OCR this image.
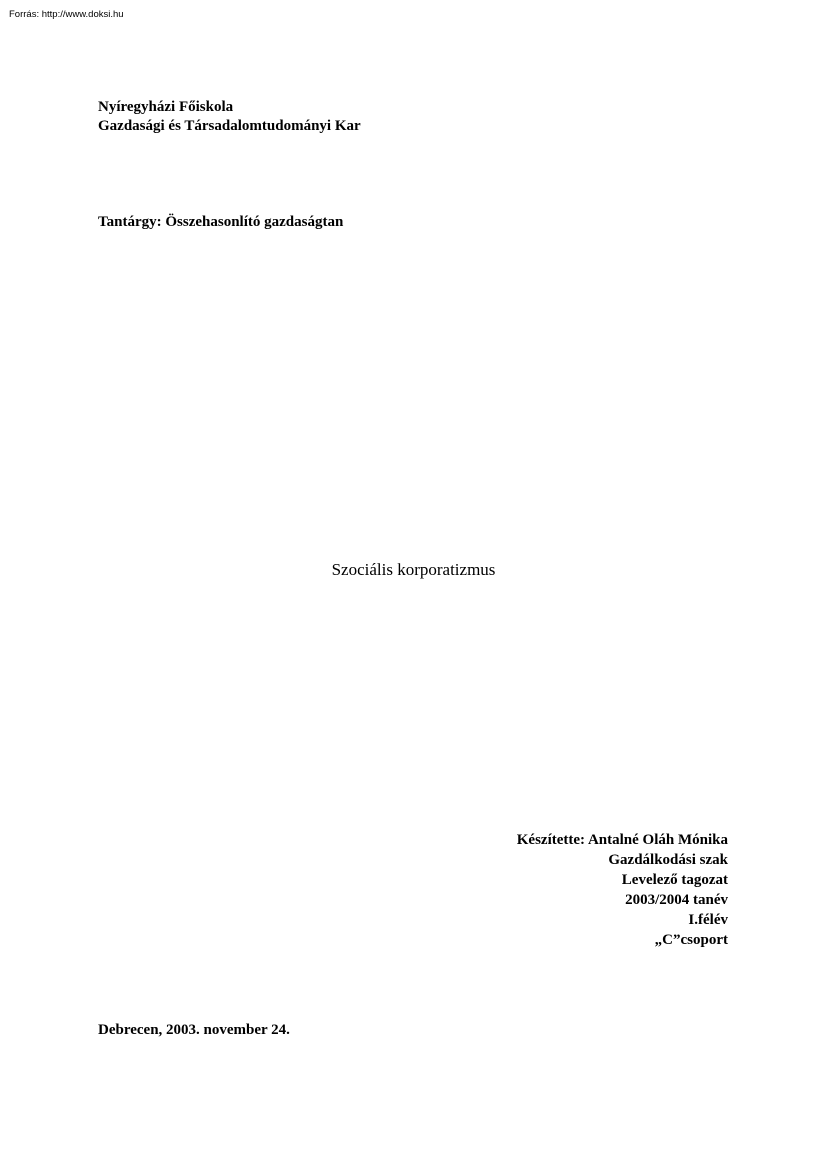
Forrás: http://www.doksi.hu
Nyíregyházi Főiskola
Gazdasági és Társadalomtudományi Kar
Tantárgy: Összehasonlító gazdaságtan
Szociális korporatizmus
Készítette: Antalné Oláh Mónika
Gazdálkodási szak
Levelező tagozat
2003/2004 tanév
I.félév
„C”csoport
Debrecen, 2003. november 24.
